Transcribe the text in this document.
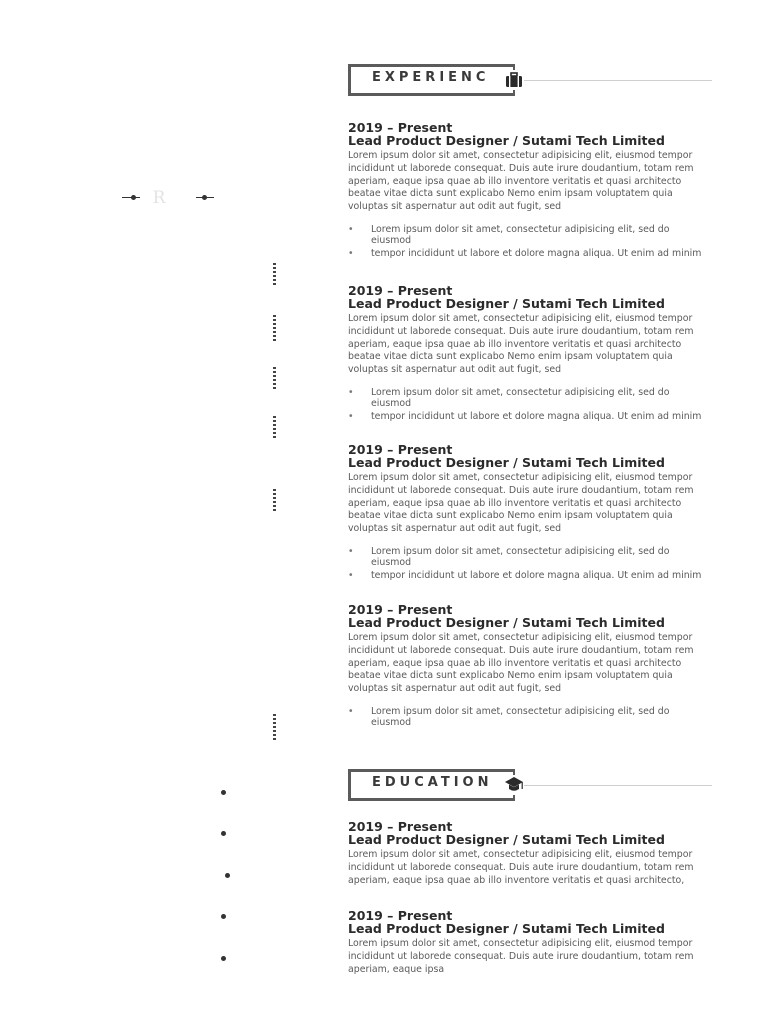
R
EXPERIENC
2019 – Present
Lead Product Designer / Sutami Tech Limited

Lorem ipsum dolor sit amet, consectetur adipisicing elit, eiusmod tempor incididunt ut laborede consequat. Duis aute irure doudantium, totam rem aperiam, eaque ipsa quae ab illo inventore veritatis et quasi architecto beatae vitae dicta sunt explicabo Nemo enim ipsam voluptatem quia voluptas sit aspernatur aut odit aut fugit, sed

• Lorem ipsum dolor sit amet, consectetur adipisicing elit, sed do eiusmod
• tempor incididunt ut labore et dolore magna aliqua. Ut enim ad minim
2019 – Present
Lead Product Designer / Sutami Tech Limited

Lorem ipsum dolor sit amet, consectetur adipisicing elit, eiusmod tempor incididunt ut laborede consequat. Duis aute irure doudantium, totam rem aperiam, eaque ipsa quae ab illo inventore veritatis et quasi architecto beatae vitae dicta sunt explicabo Nemo enim ipsam voluptatem quia voluptas sit aspernatur aut odit aut fugit, sed

• Lorem ipsum dolor sit amet, consectetur adipisicing elit, sed do eiusmod
• tempor incididunt ut labore et dolore magna aliqua. Ut enim ad minim
2019 – Present
Lead Product Designer / Sutami Tech Limited

Lorem ipsum dolor sit amet, consectetur adipisicing elit, eiusmod tempor incididunt ut laborede consequat. Duis aute irure doudantium, totam rem aperiam, eaque ipsa quae ab illo inventore veritatis et quasi architecto beatae vitae dicta sunt explicabo Nemo enim ipsam voluptatem quia voluptas sit aspernatur aut odit aut fugit, sed

• Lorem ipsum dolor sit amet, consectetur adipisicing elit, sed do eiusmod
• tempor incididunt ut labore et dolore magna aliqua. Ut enim ad minim
2019 – Present
Lead Product Designer / Sutami Tech Limited

Lorem ipsum dolor sit amet, consectetur adipisicing elit, eiusmod tempor incididunt ut laborede consequat. Duis aute irure doudantium, totam rem aperiam, eaque ipsa quae ab illo inventore veritatis et quasi architecto beatae vitae dicta sunt explicabo Nemo enim ipsam voluptatem quia voluptas sit aspernatur aut odit aut fugit, sed

• Lorem ipsum dolor sit amet, consectetur adipisicing elit, sed do eiusmod
EDUCATION
2019 – Present
Lead Product Designer / Sutami Tech Limited

Lorem ipsum dolor sit amet, consectetur adipisicing elit, eiusmod tempor incididunt ut laborede consequat. Duis aute irure doudantium, totam rem aperiam, eaque ipsa quae ab illo inventore veritatis et quasi architecto,

2019 – Present
Lead Product Designer / Sutami Tech Limited

Lorem ipsum dolor sit amet, consectetur adipisicing elit, eiusmod tempor incididunt ut laborede consequat. Duis aute irure doudantium, totam rem aperiam, eaque ipsa
